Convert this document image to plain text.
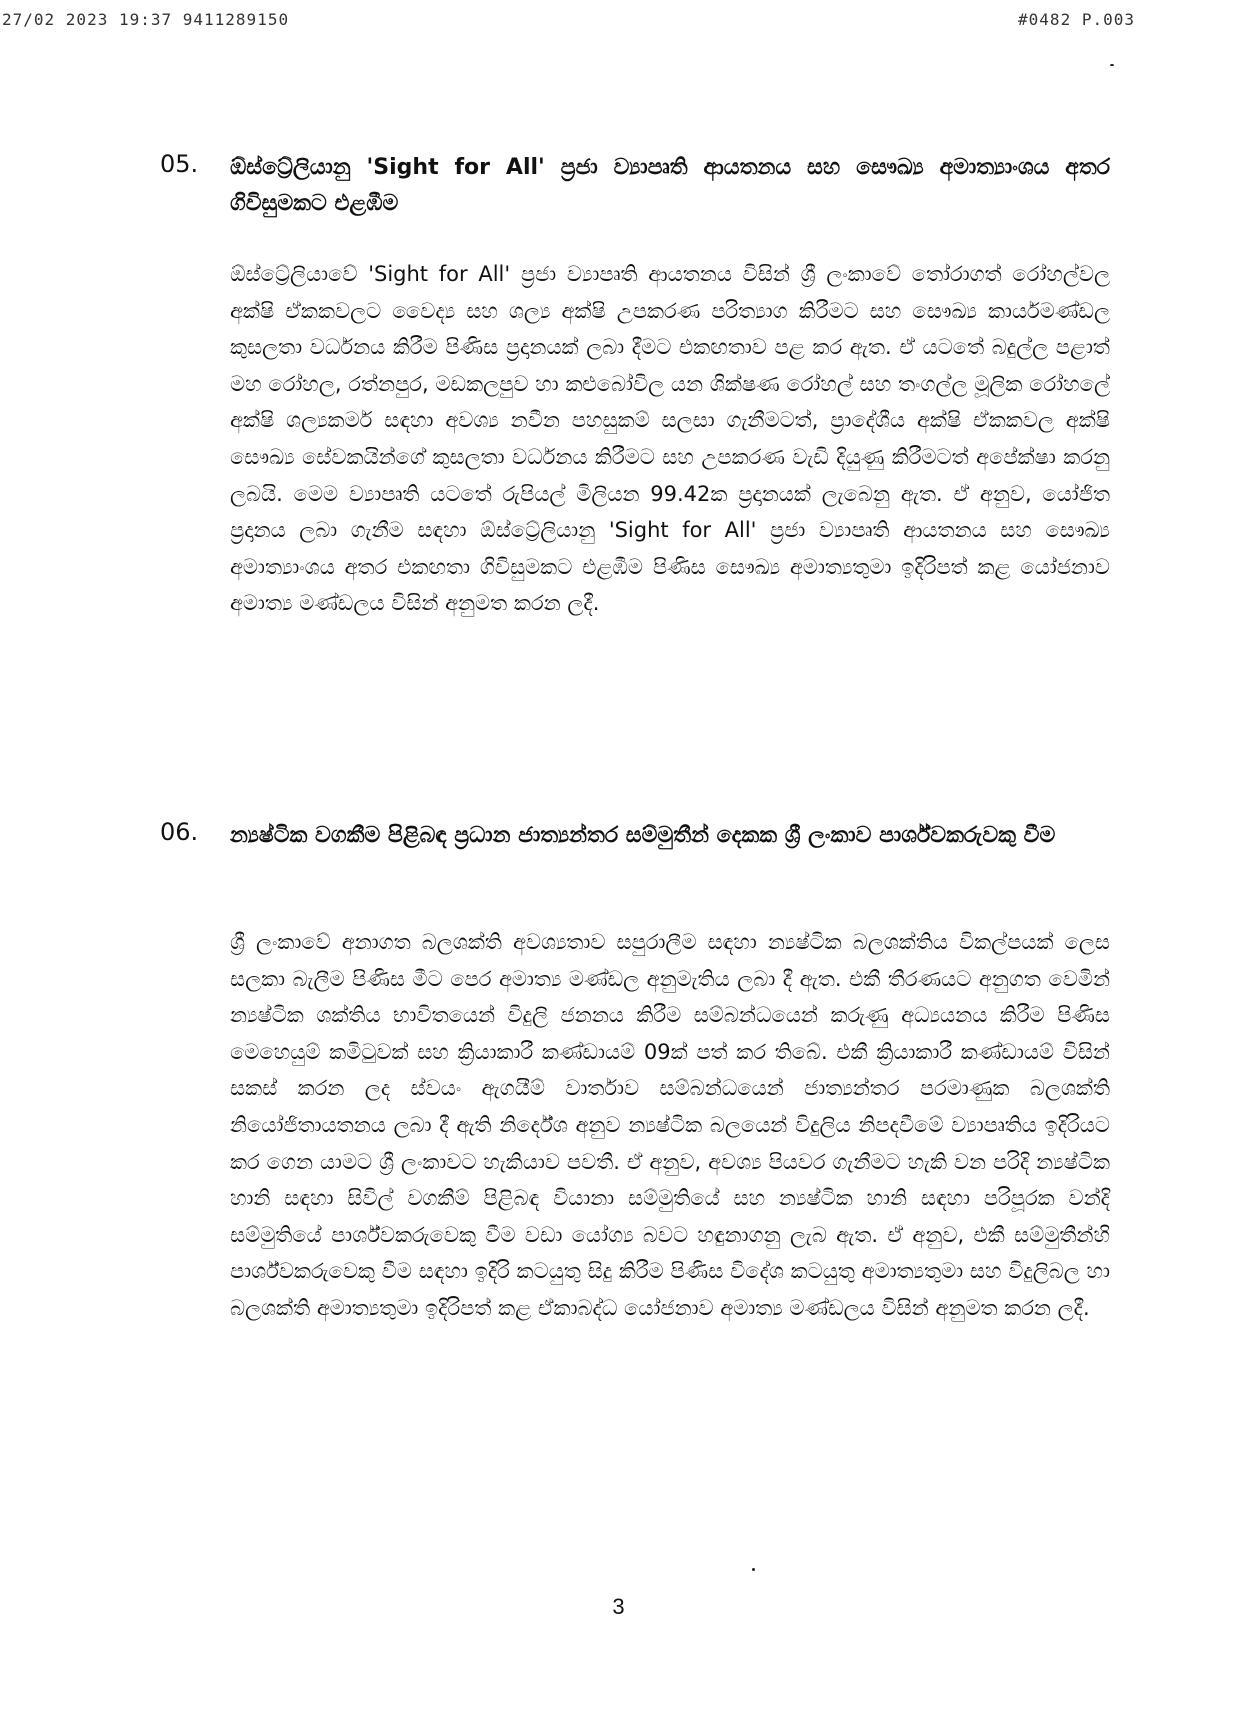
27/02 2023 19:37 9411289150	#0482 P.003
05. ඕස්ට්‍රේලියානු 'Sight for All' ප්‍රජා ව්‍යාපෘති ආයතනය සහ සෞඛ්‍ය අමාත්‍යාංශය අතර ගිවිසුමකට එළඹීම
ඕස්ට්‍රේලියාවේ 'Sight for All' ප්‍රජා ව්‍යාපෘති ආයතනය විසින් ශ්‍රී ලංකාවේ තෝරාගත් රෝහල්වල අක්ෂි ඒකකවලට වෛද්‍ය සහ ශල්‍ය අක්ෂි උපකරණ පරිත්‍යාග කිරීමට සහ සෞඛ්‍ය කාර්යමණ්ඩල කුසලතා වර්ධනය කිරීම පිණිස ප්‍රදානයක් ලබා දීමට එකඟතාව පළ කර ඇත. ඒ යටතේ බදුල්ල පළාත් මහ රෝහල, රත්නපුර, මඩකලපුව හා කළුබෝවිල යන ශික්ෂණ රෝහල් සහ තංගල්ල මූලික රෝහලේ අක්ෂි ශල්‍යකර්ම සඳහා අවශ්‍ය නවීන පහසුකම් සලසා ගැනීමටත්, ප්‍රාදේශීය අක්ෂි ඒකකවල අක්ෂි සෞඛ්‍ය සේවකයින්ගේ කුසලතා වර්ධනය කිරීමට සහ උපකරණ වැඩි දියුණු කිරීමටත් අපේක්ෂා කරනු ලබයි. මෙම ව්‍යාපෘති යටතේ රුපියල් මිලියන 99.42ක ප්‍රදානයක් ලැබෙනු ඇත. ඒ අනුව, යෝජිත ප්‍රදානය ලබා ගැනීම සඳහා ඕස්ට්‍රේලියානු 'Sight for All' ප්‍රජා ව්‍යාපෘති ආයතනය සහ සෞඛ්‍ය අමාත්‍යාංශය අතර එකඟතා ගිවිසුමකට එළඹීම පිණිස සෞඛ්‍ය අමාත්‍යතුමා ඉදිරිපත් කළ යෝජනාව අමාත්‍ය මණ්ඩලය විසින් අනුමත කරන ලදී.
06. න්‍යෂ්ටික වගකීම පිළිබඳ ප්‍රධාන ජාත්‍යන්තර සම්මුතීන් දෙකක ශ්‍රී ලංකාව පාර්ශ්වකරුවකු වීම
ශ්‍රී ලංකාවේ අනාගත බලශක්ති අවශ්‍යතාව සපුරාලීම සඳහා න්‍යෂ්ටික බලශක්තිය විකල්පයක් ලෙස සලකා බැලීම පිණිස මීට පෙර අමාත්‍ය මණ්ඩල අනුමැතිය ලබා දී ඇත. එකී තීරණයට අනුගත වෙමින් න්‍යෂ්ටික ශක්තිය භාවිතයෙන් විදුලි ජනනය කිරීම සම්බන්ධයෙන් කරුණු අධ්‍යයනය කිරීම පිණිස මෙහෙයුම් කමිටුවක් සහ ක්‍රියාකාරී කණ්ඩායම් 09ක් පත් කර තිබේ. එකී ක්‍රියාකාරී කණ්ඩායම් විසින් සකස් කරන ලද ස්වයං ඇගයීම් වාර්තාව සම්බන්ධයෙන් ජාත්‍යන්තර පරමාණුක බලශක්ති නියෝජිතායතනය ලබා දී ඇති නිර්දේශ අනුව න්‍යෂ්ටික බලයෙන් විදුලිය නිපදවීමේ ව්‍යාපෘතිය ඉදිරියට කර ගෙන යාමට ශ්‍රී ලංකාවට හැකියාව පවතී. ඒ අනුව, අවශ්‍ය පියවර ගැනීමට හැකි වන පරිදි න්‍යෂ්ටික හානි සඳහා සිවිල් වගකීම් පිළිබඳ වියානා සම්මුතියේ සහ න්‍යෂ්ටික හානි සඳහා පරිපූරක වන්දි සම්මුතියේ පාර්ශ්වකරුවෙකු වීම වඩා යෝග්‍ය බවට හඳුනාගනු ලැබ ඇත. ඒ අනුව, එකී සම්මුතීන්හි පාර්ශ්වකරුවෙකු වීම සඳහා ඉදිරි කටයුතු සිදු කිරීම පිණිස විදේශ කටයුතු අමාත්‍යතුමා සහ විදුලිබල හා බලශක්ති අමාත්‍යතුමා ඉදිරිපත් කළ ඒකාබද්ධ යෝජනාව අමාත්‍ය මණ්ඩලය විසින් අනුමත කරන ලදී.
3
